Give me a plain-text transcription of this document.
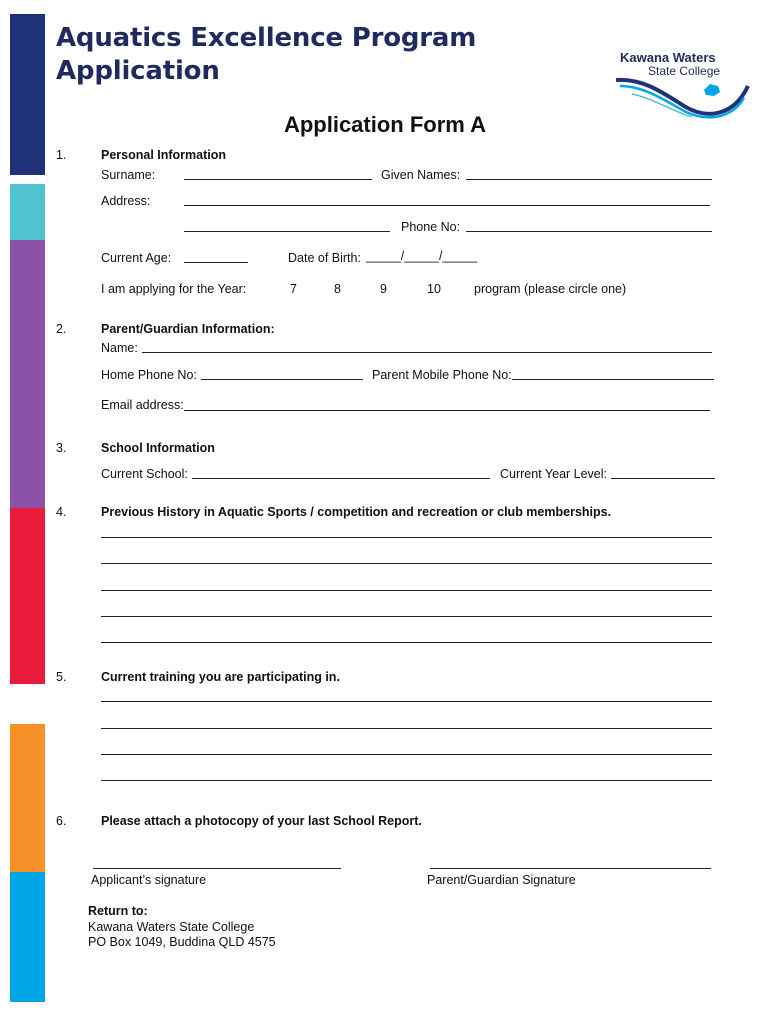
Aquatics Excellence Program
Application	Kawana Waters
State College
Application Form A
1.	Personal Information
Surname:	Given Names:
Address:
Phone No:
Current Age:	Date of Birth: _____/_____/_____
I am applying for the Year:	7	8	9	10	program (please circle one)
2.	Parent/Guardian Information:
Name:
Home Phone No:	Parent Mobile Phone No:
Email address:
3.	School Information
Current School:	Current Year Level:
4.	Previous History in Aquatic Sports / competition and recreation or club memberships.
5.	Current training you are participating in.
6.	Please attach a photocopy of your last School Report.
Applicant’s signature	Parent/Guardian Signature
Return to:
Kawana Waters State College
PO Box 1049, Buddina QLD 4575
